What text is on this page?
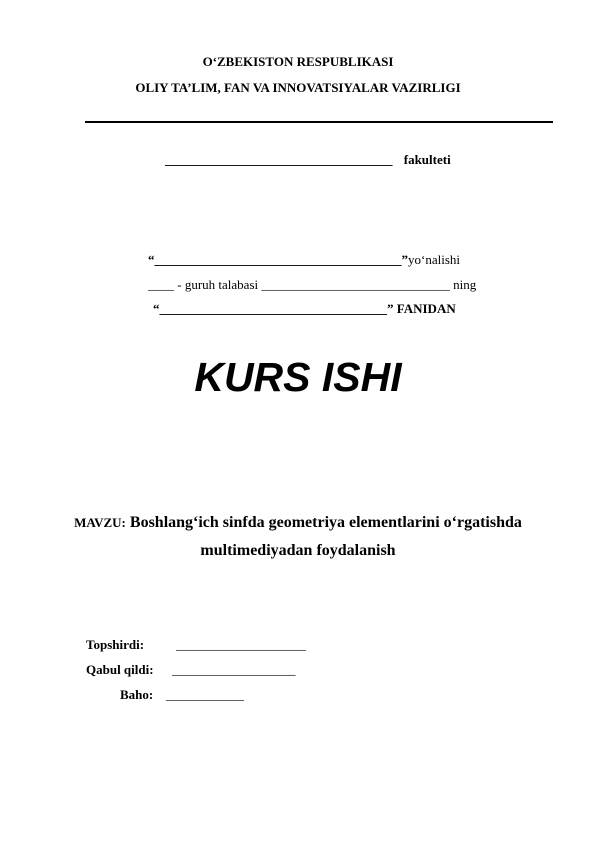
O‘ZBEKISTON RESPUBLIKASI
OLIY TA’LIM, FAN VA INNOVATSIYALAR VAZIRLIGI
___________________________________ fakulteti
“______________________________________”yo‘nalishi
____ - guruh talabasi _____________________________ ning
“___________________________________” FANIDAN
KURS ISHI
MAVZU: Boshlang‘ich sinfda geometriya elementlarini o‘rgatishda
multimediyadan foydalanish
Topshirdi: ____________________
Qabul qildi: ___________________
Baho: ____________
